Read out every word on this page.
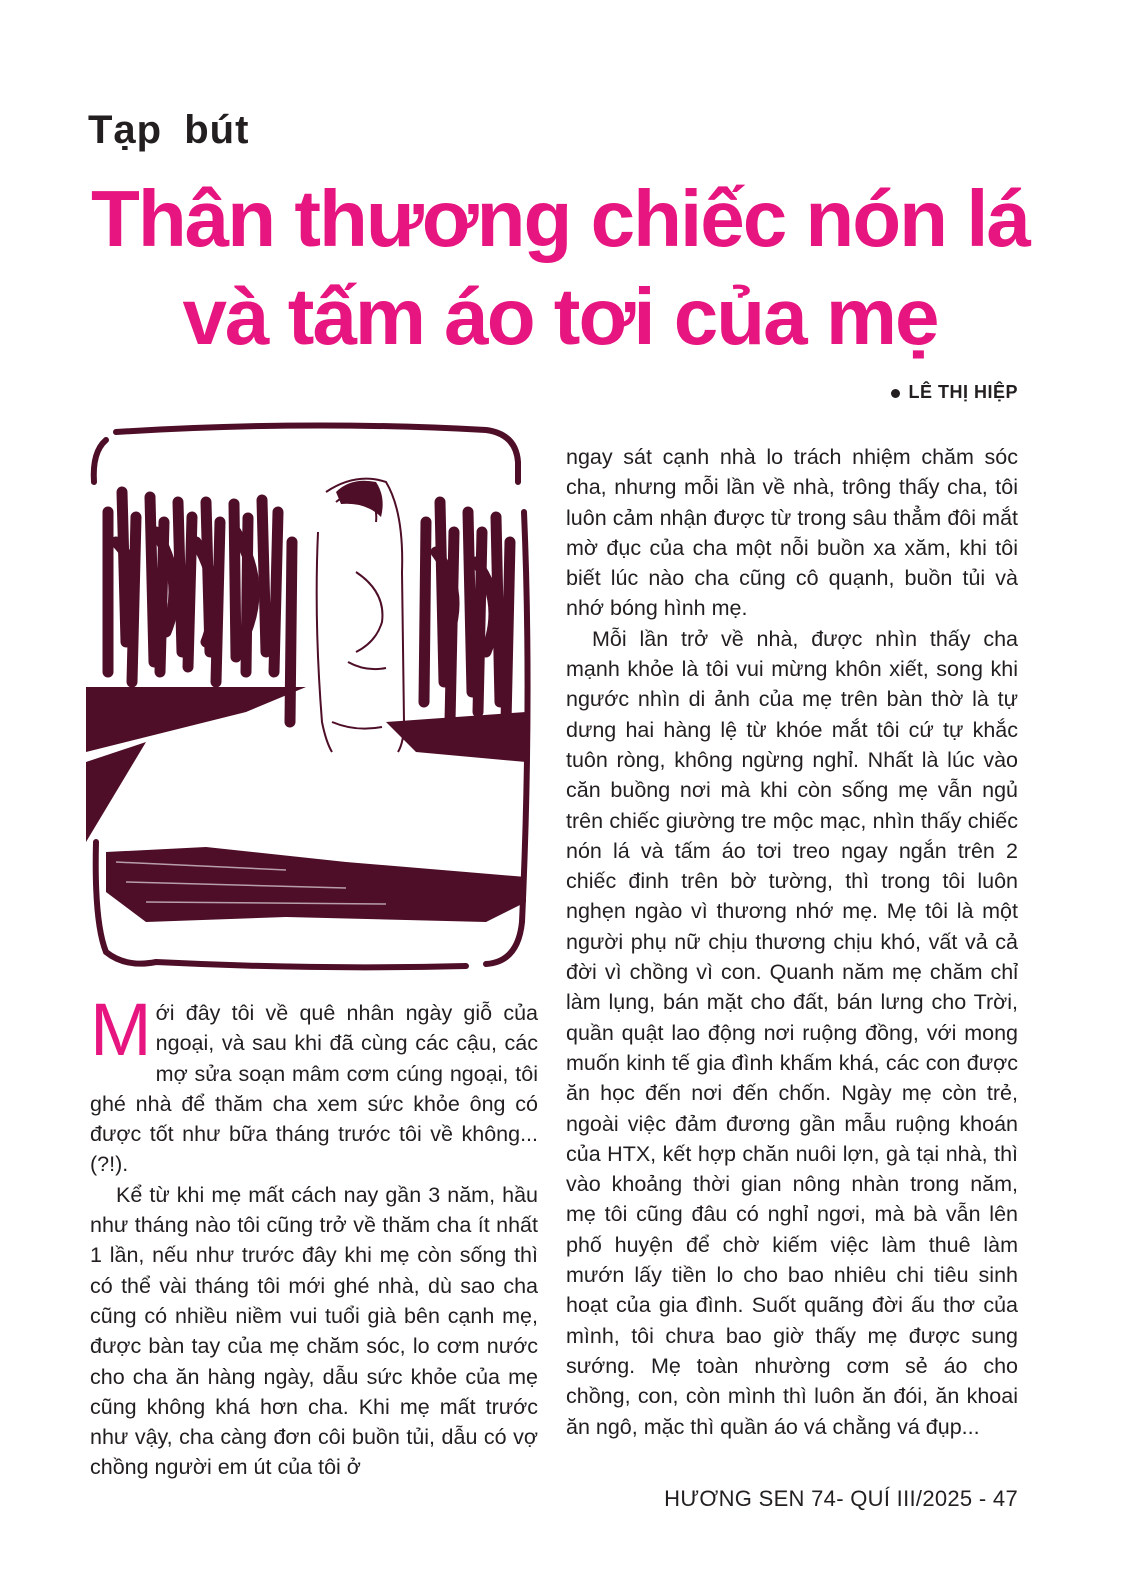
Tạp bút
Thân thương chiếc nón lá
và tấm áo tơi của mẹ
LÊ THỊ HIỆP

Mới đây tôi về quê nhân ngày giỗ của ngoại, và sau khi đã cùng các cậu, các mợ sửa soạn mâm cơm cúng ngoại, tôi ghé nhà để thăm cha xem sức khỏe ông có được tốt như bữa tháng trước tôi về không...(?!).

Kể từ khi mẹ mất cách nay gần 3 năm, hầu như tháng nào tôi cũng trở về thăm cha ít nhất 1 lần, nếu như trước đây khi mẹ còn sống thì có thể vài tháng tôi mới ghé nhà, dù sao cha cũng có nhiều niềm vui tuổi già bên cạnh mẹ, được bàn tay của mẹ chăm sóc, lo cơm nước cho cha ăn hàng ngày, dẫu sức khỏe của mẹ cũng không khá hơn cha. Khi mẹ mất trước như vậy, cha càng đơn côi buồn tủi, dẫu có vợ chồng người em út của tôi ở

ngay sát cạnh nhà lo trách nhiệm chăm sóc cha, nhưng mỗi lần về nhà, trông thấy cha, tôi luôn cảm nhận được từ trong sâu thẳm đôi mắt mờ đục của cha một nỗi buồn xa xăm, khi tôi biết lúc nào cha cũng cô quạnh, buồn tủi và nhớ bóng hình mẹ.

Mỗi lần trở về nhà, được nhìn thấy cha mạnh khỏe là tôi vui mừng khôn xiết, song khi ngước nhìn di ảnh của mẹ trên bàn thờ là tự dưng hai hàng lệ từ khóe mắt tôi cứ tự khắc tuôn ròng, không ngừng nghỉ. Nhất là lúc vào căn buồng nơi mà khi còn sống mẹ vẫn ngủ trên chiếc giường tre mộc mạc, nhìn thấy chiếc nón lá và tấm áo tơi treo ngay ngắn trên 2 chiếc đinh trên bờ tường, thì trong tôi luôn nghẹn ngào vì thương nhớ mẹ. Mẹ tôi là một người phụ nữ chịu thương chịu khó, vất vả cả đời vì chồng vì con. Quanh năm mẹ chăm chỉ làm lụng, bán mặt cho đất, bán lưng cho Trời, quần quật lao động nơi ruộng đồng, với mong muốn kinh tế gia đình khấm khá, các con được ăn học đến nơi đến chốn. Ngày mẹ còn trẻ, ngoài việc đảm đương gần mẫu ruộng khoán của HTX, kết hợp chăn nuôi lợn, gà tại nhà, thì vào khoảng thời gian nông nhàn trong năm, mẹ tôi cũng đâu có nghỉ ngơi, mà bà vẫn lên phố huyện để chờ kiếm việc làm thuê làm mướn lấy tiền lo cho bao nhiêu chi tiêu sinh hoạt của gia đình. Suốt quãng đời ấu thơ của mình, tôi chưa bao giờ thấy mẹ được sung sướng. Mẹ toàn nhường cơm sẻ áo cho chồng, con, còn mình thì luôn ăn đói, ăn khoai ăn ngô, mặc thì quần áo vá chằng vá đụp...

HƯƠNG SEN 74- QUÍ III/2025 - 47
